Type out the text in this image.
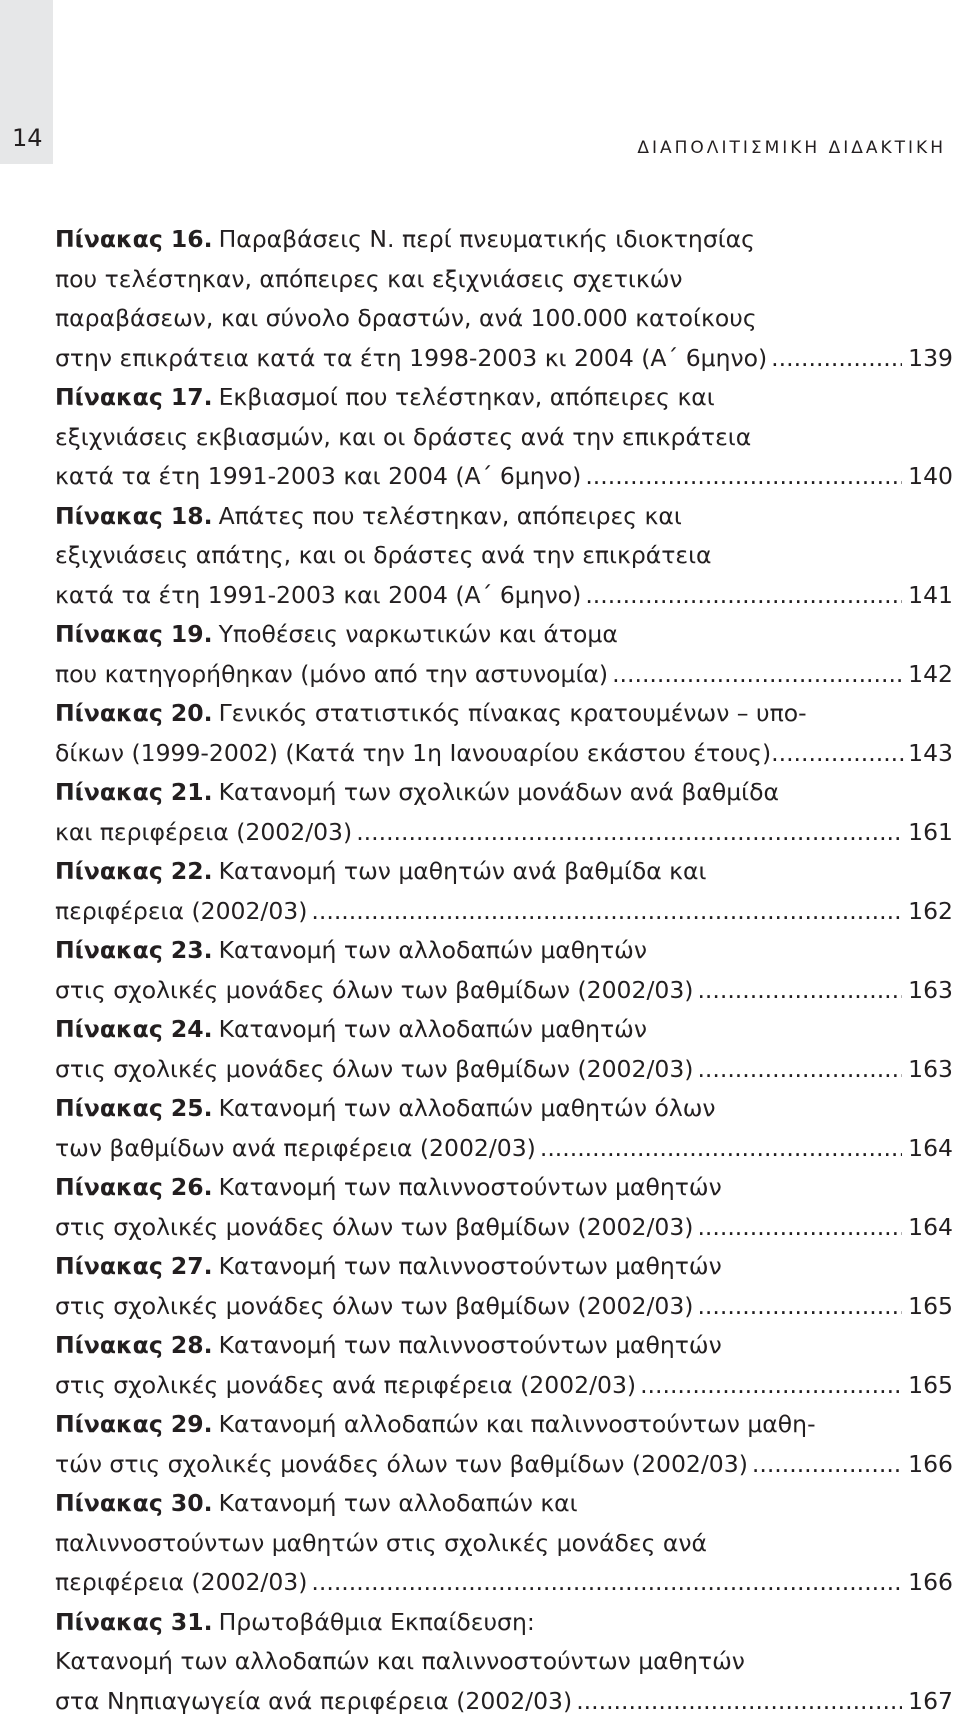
14	ΔΙΑΠΟΛΙΤΙΣΜΙΚΗ ΔΙΔΑΚΤΙΚΗ
Πίνακας 16. Παραβάσεις Ν. περί πνευματικής ιδιοκτησίας
που τελέστηκαν, απόπειρες και εξιχνιάσεις σχετικών
παραβάσεων, και σύνολο δραστών, ανά 100.000 κατοίκους
στην επικράτεια κατά τα έτη 1998-2003 κι 2004 (Α΄ 6μηνο) .....	139
Πίνακας 17. Εκβιασμοί που τελέστηκαν, απόπειρες και
εξιχνιάσεις εκβιασμών, και οι δράστες ανά την επικράτεια
κατά τα έτη 1991-2003 και 2004 (Α΄ 6μηνο) .....	140
Πίνακας 18. Απάτες που τελέστηκαν, απόπειρες και
εξιχνιάσεις απάτης, και οι δράστες ανά την επικράτεια
κατά τα έτη 1991-2003 και 2004 (Α΄ 6μηνο) .....	141
Πίνακας 19. Υποθέσεις ναρκωτικών και άτομα
που κατηγορήθηκαν (μόνο από την αστυνομία) .....	142
Πίνακας 20. Γενικός στατιστικός πίνακας κρατουμένων – υπο-
δίκων (1999-2002) (Κατά την 1η Ιανουαρίου εκάστου έτους) .....	143
Πίνακας 21. Κατανομή των σχολικών μονάδων ανά βαθμίδα
και περιφέρεια (2002/03) .....	161
Πίνακας 22. Κατανομή των μαθητών ανά βαθμίδα και
περιφέρεια (2002/03) .....	162
Πίνακας 23. Κατανομή των αλλοδαπών μαθητών
στις σχολικές μονάδες όλων των βαθμίδων (2002/03) .....	163
Πίνακας 24. Κατανομή των αλλοδαπών μαθητών
στις σχολικές μονάδες όλων των βαθμίδων (2002/03) .....	163
Πίνακας 25. Κατανομή των αλλοδαπών μαθητών όλων
των βαθμίδων ανά περιφέρεια (2002/03) .....	164
Πίνακας 26. Κατανομή των παλιννοστούντων μαθητών
στις σχολικές μονάδες όλων των βαθμίδων (2002/03) .....	164
Πίνακας 27. Κατανομή των παλιννοστούντων μαθητών
στις σχολικές μονάδες όλων των βαθμίδων (2002/03) .....	165
Πίνακας 28. Κατανομή των παλιννοστούντων μαθητών
στις σχολικές μονάδες ανά περιφέρεια (2002/03) .....	165
Πίνακας 29. Κατανομή αλλοδαπών και παλιννοστούντων μαθη-
τών στις σχολικές μονάδες όλων των βαθμίδων (2002/03) .....	166
Πίνακας 30. Κατανομή των αλλοδαπών και
παλιννοστούντων μαθητών στις σχολικές μονάδες ανά
περιφέρεια (2002/03) .....	166
Πίνακας 31. Πρωτοβάθμια Εκπαίδευση:
Κατανομή των αλλοδαπών και παλιννοστούντων μαθητών
στα Νηπιαγωγεία ανά περιφέρεια (2002/03) .....	167
